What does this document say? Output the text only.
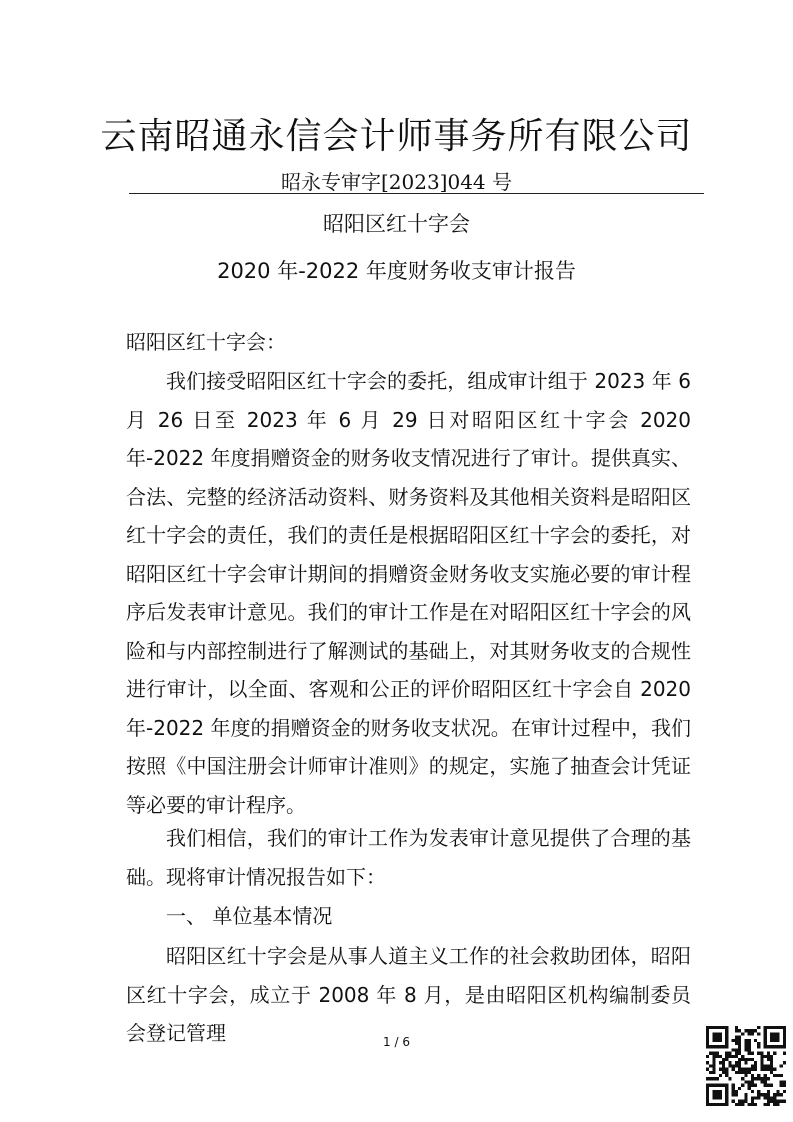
云南昭通永信会计师事务所有限公司
昭永专审字[2023]044 号
昭阳区红十字会
2020 年-2022 年度财务收支审计报告
昭阳区红十字会：
我们接受昭阳区红十字会的委托，组成审计组于 2023 年 6 月 26 日至 2023 年 6 月 29 日对昭阳区红十字会 2020 年-2022 年度捐赠资金的财务收支情况进行了审计。提供真实、合法、完整的经济活动资料、财务资料及其他相关资料是昭阳区红十字会的责任，我们的责任是根据昭阳区红十字会的委托，对昭阳区红十字会审计期间的捐赠资金财务收支实施必要的审计程序后发表审计意见。我们的审计工作是在对昭阳区红十字会的风险和与内部控制进行了解测试的基础上，对其财务收支的合规性进行审计，以全面、客观和公正的评价昭阳区红十字会自 2020 年-2022 年度的捐赠资金的财务收支状况。在审计过程中，我们按照《中国注册会计师审计准则》的规定，实施了抽查会计凭证等必要的审计程序。
我们相信，我们的审计工作为发表审计意见提供了合理的基础。现将审计情况报告如下：
一、 单位基本情况
昭阳区红十字会是从事人道主义工作的社会救助团体，昭阳区红十字会，成立于 2008 年 8 月，是由昭阳区机构编制委员会登记管理	1 / 6
